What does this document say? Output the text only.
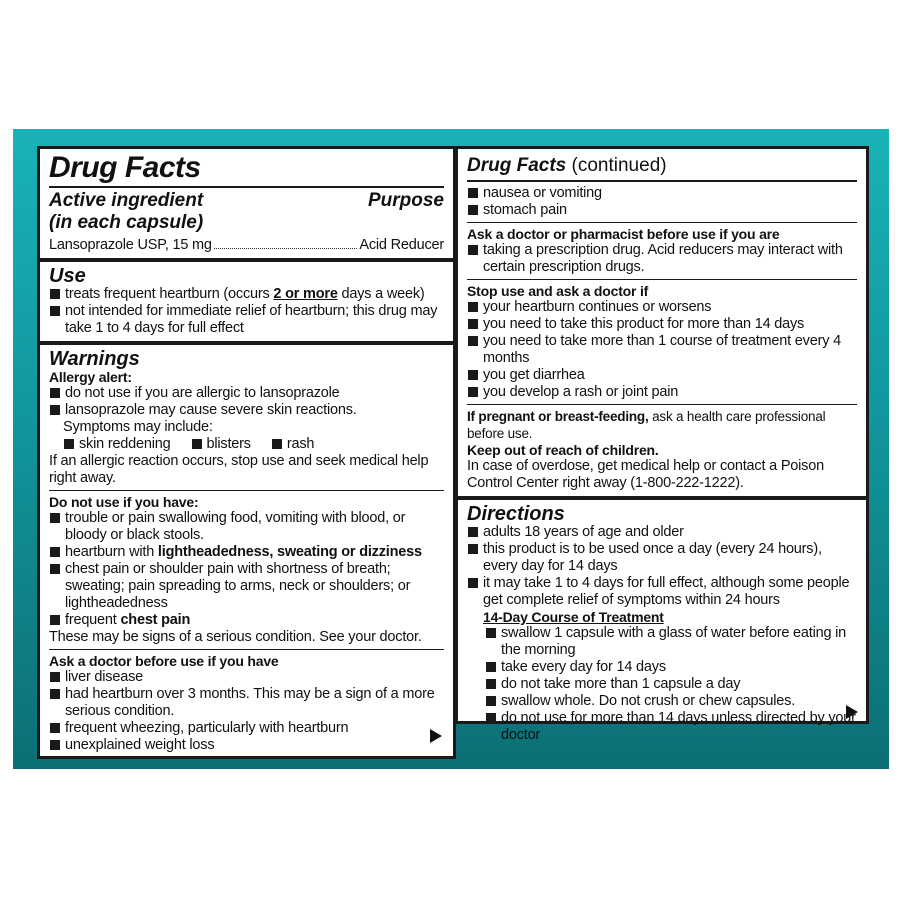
Drug Facts

Active ingredient	Purpose
(in each capsule)
Lansoprazole USP, 15 mg	Acid Reducer
Use
treats frequent heartburn (occurs 2 or more days a week)
not intended for immediate relief of heartburn; this drug may take 1 to 4 days for full effect
Warnings
Allergy alert:
do not use if you are allergic to lansoprazole
lansoprazole may cause severe skin reactions.
Symptoms may include:
skin reddening	blisters	rash
If an allergic reaction occurs, stop use and seek medical help right away.
Do not use if you have:
trouble or pain swallowing food, vomiting with blood, or bloody or black stools.
heartburn with lightheadedness, sweating or dizziness
chest pain or shoulder pain with shortness of breath; sweating; pain spreading to arms, neck or shoulders; or lightheadedness
frequent chest pain
These may be signs of a serious condition. See your doctor.
Ask a doctor before use if you have
liver disease
had heartburn over 3 months. This may be a sign of a more serious condition.
frequent wheezing, particularly with heartburn
unexplained weight loss

Drug Facts (continued)

nausea or vomiting
stomach pain
Ask a doctor or pharmacist before use if you are
taking a prescription drug. Acid reducers may interact with certain prescription drugs.
Stop use and ask a doctor if
your heartburn continues or worsens
you need to take this product for more than 14 days
you need to take more than 1 course of treatment every 4 months
you get diarrhea
you develop a rash or joint pain
If pregnant or breast-feeding, ask a health care professional before use.
Keep out of reach of children.
In case of overdose, get medical help or contact a Poison Control Center right away (1-800-222-1222).
Directions
adults 18 years of age and older
this product is to be used once a day (every 24 hours), every day for 14 days
it may take 1 to 4 days for full effect, although some people get complete relief of symptoms within 24 hours
14-Day Course of Treatment
swallow 1 capsule with a glass of water before eating in the morning
take every day for 14 days
do not take more than 1 capsule a day
swallow whole. Do not crush or chew capsules.
do not use for more than 14 days unless directed by your doctor
